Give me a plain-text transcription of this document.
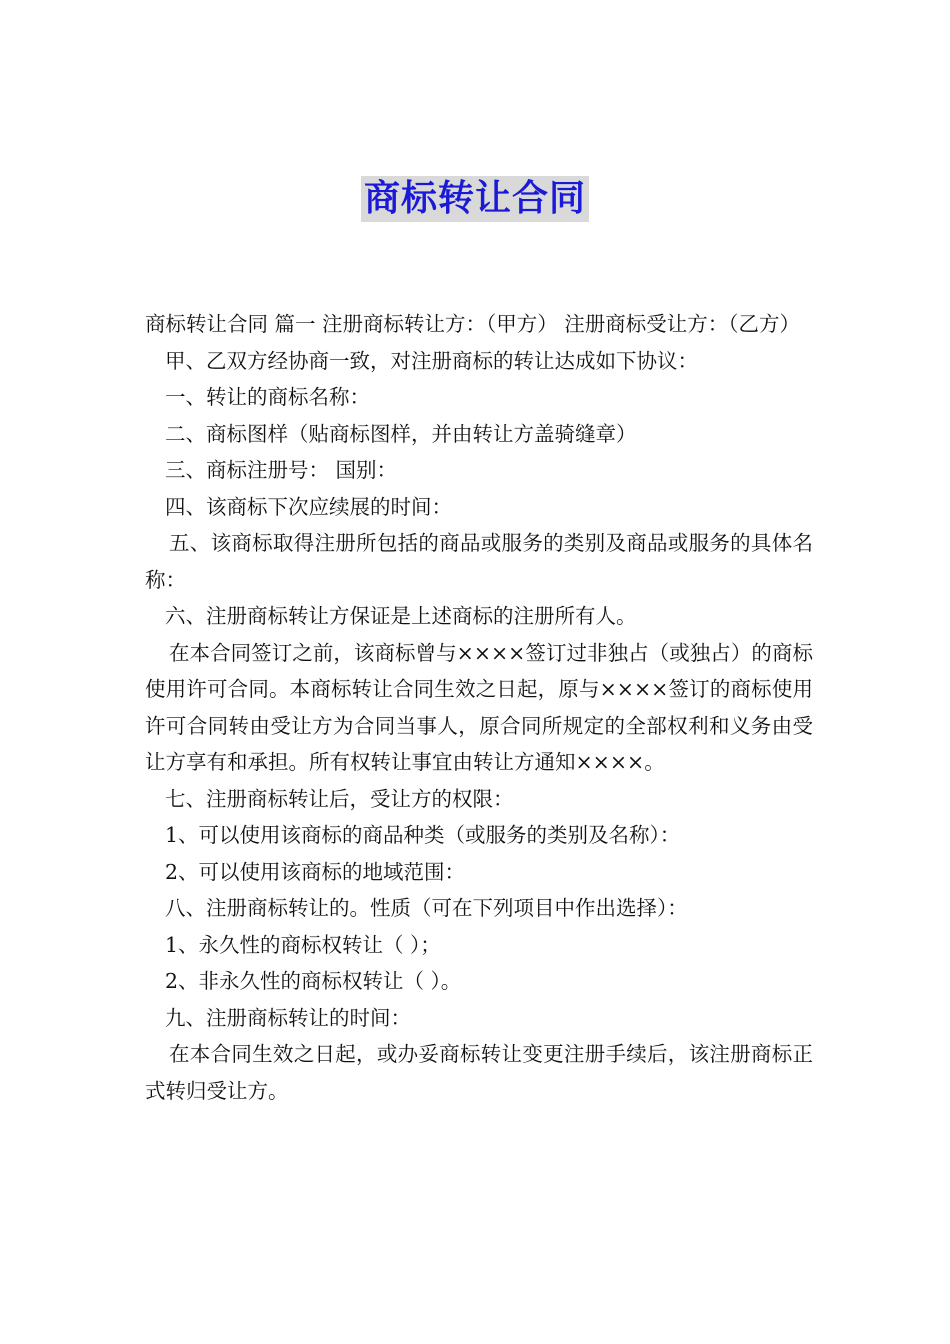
商标转让合同

商标转让合同 篇一 注册商标转让方：（甲方） 注册商标受让方：（乙方）

甲、乙双方经协商一致，对注册商标的转让达成如下协议：

一、转让的商标名称：

二、商标图样（贴商标图样，并由转让方盖骑缝章）

三、商标注册号： 国别：

四、该商标下次应续展的时间：

五、该商标取得注册所包括的商品或服务的类别及商品或服务的具体名称：

六、注册商标转让方保证是上述商标的注册所有人。

在本合同签订之前，该商标曾与××××签订过非独占（或独占）的商标使用许可合同。本商标转让合同生效之日起，原与××××签订的商标使用许可合同转由受让方为合同当事人，原合同所规定的全部权利和义务由受让方享有和承担。所有权转让事宜由转让方通知××××。

七、注册商标转让后，受让方的权限：

1、可以使用该商标的商品种类（或服务的类别及名称）：

2、可以使用该商标的地域范围：

八、注册商标转让的。性质（可在下列项目中作出选择）：

1、永久性的商标权转让（ ）；

2、非永久性的商标权转让（ ）。

九、注册商标转让的时间：

在本合同生效之日起，或办妥商标转让变更注册手续后，该注册商标正式转归受让方。
